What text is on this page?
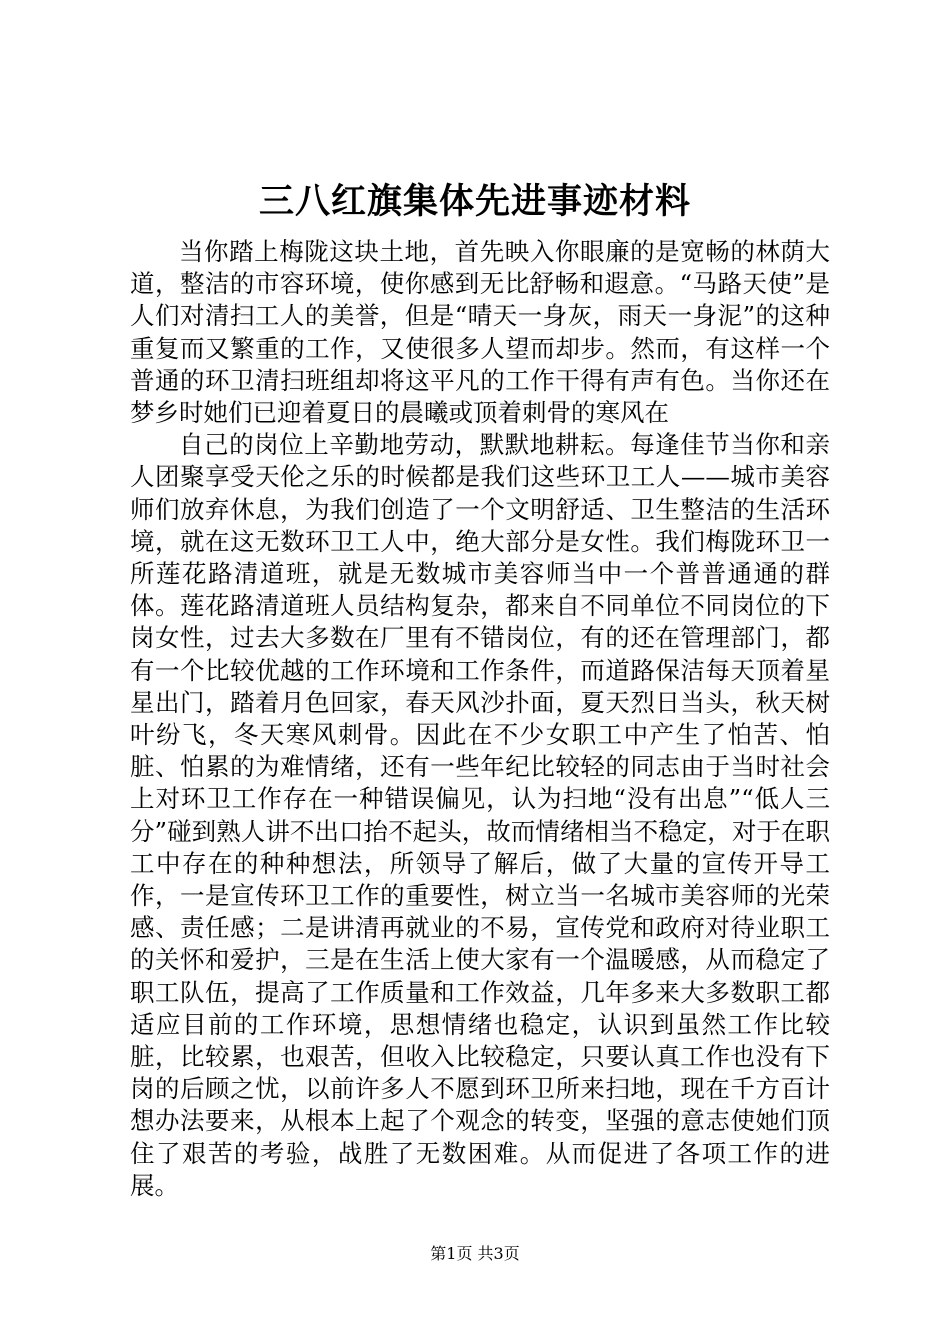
三八红旗集体先进事迹材料

当你踏上梅陇这块土地，首先映入你眼廉的是宽畅的林荫大道，整洁的市容环境，使你感到无比舒畅和遐意。“马路天使”是人们对清扫工人的美誉，但是“晴天一身灰，雨天一身泥”的这种重复而又繁重的工作，又使很多人望而却步。然而，有这样一个普通的环卫清扫班组却将这平凡的工作干得有声有色。当你还在梦乡时她们已迎着夏日的晨曦或顶着刺骨的寒风在

自己的岗位上辛勤地劳动，默默地耕耘。每逢佳节当你和亲人团聚享受天伦之乐的时候都是我们这些环卫工人——城市美容师们放弃休息，为我们创造了一个文明舒适、卫生整洁的生活环境，就在这无数环卫工人中，绝大部分是女性。我们梅陇环卫一所莲花路清道班，就是无数城市美容师当中一个普普通通的群体。莲花路清道班人员结构复杂，都来自不同单位不同岗位的下岗女性，过去大多数在厂里有不错岗位，有的还在管理部门，都有一个比较优越的工作环境和工作条件，而道路保洁每天顶着星星出门，踏着月色回家，春天风沙扑面，夏天烈日当头，秋天树叶纷飞，冬天寒风刺骨。因此在不少女职工中产生了怕苦、怕脏、怕累的为难情绪，还有一些年纪比较轻的同志由于当时社会上对环卫工作存在一种错误偏见，认为扫地“没有出息”“低人三分”碰到熟人讲不出口抬不起头，故而情绪相当不稳定，对于在职工中存在的种种想法，所领导了解后，做了大量的宣传开导工作，一是宣传环卫工作的重要性，树立当一名城市美容师的光荣感、责任感；二是讲清再就业的不易，宣传党和政府对待业职工的关怀和爱护，三是在生活上使大家有一个温暖感，从而稳定了职工队伍，提高了工作质量和工作效益，几年多来大多数职工都适应目前的工作环境，思想情绪也稳定，认识到虽然工作比较脏，比较累，也艰苦，但收入比较稳定，只要认真工作也没有下岗的后顾之忧，以前许多人不愿到环卫所来扫地，现在千方百计想办法要来，从根本上起了个观念的转变，坚强的意志使她们顶住了艰苦的考验，战胜了无数困难。从而促进了各项工作的进展。

第1页 共3页
